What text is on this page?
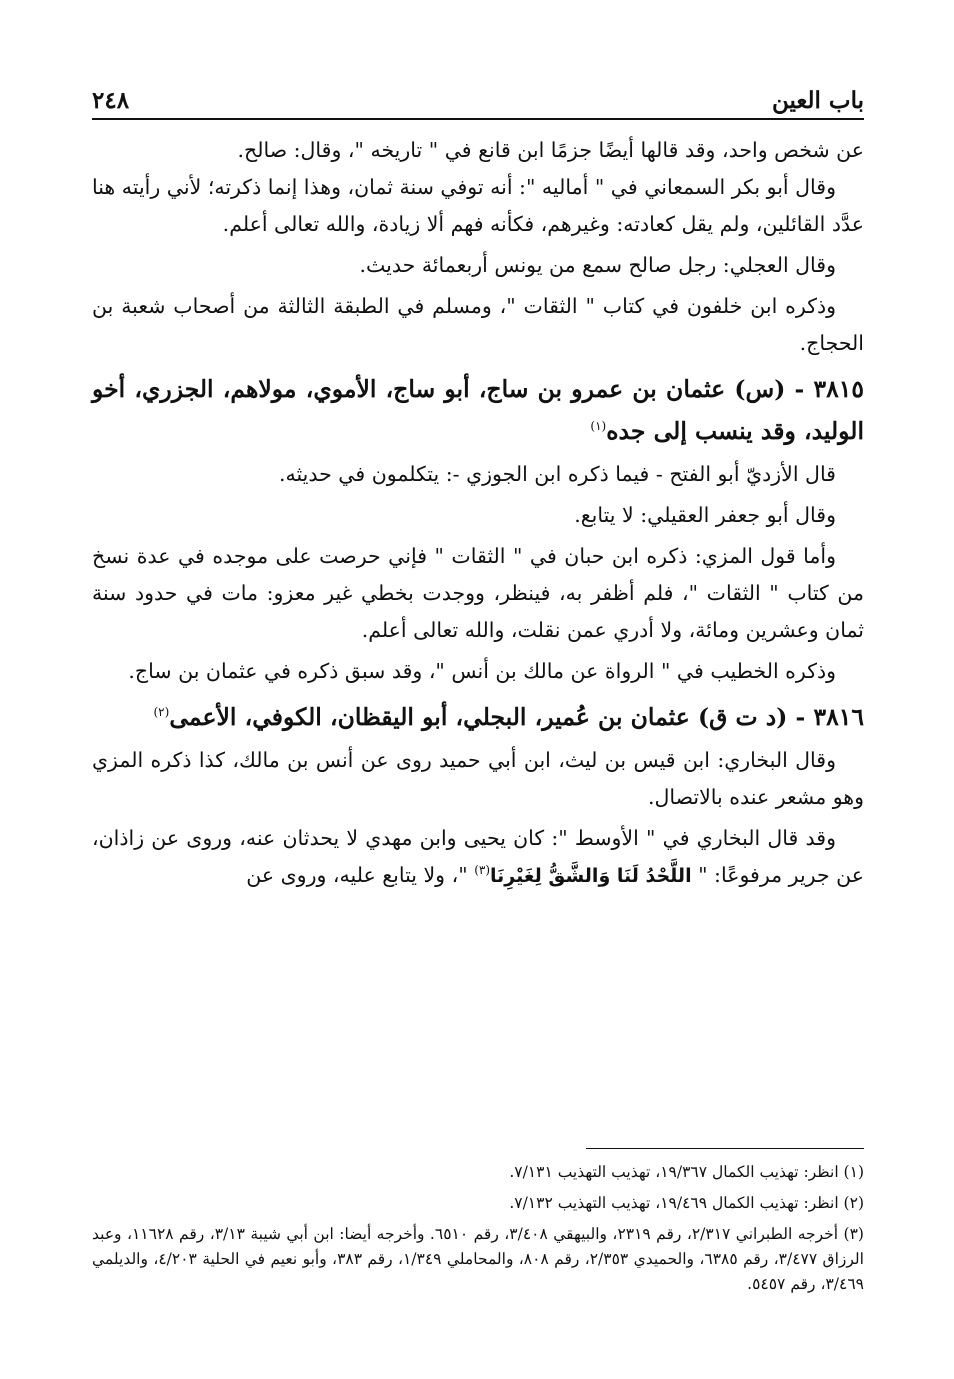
باب العين
٢٤٨

عن شخص واحد، وقد قالها أيضًا جزمًا ابن قانع في " تاريخه "، وقال: صالح.

وقال أبو بكر السمعاني في " أماليه ": أنه توفي سنة ثمان، وهذا إنما ذكرته؛ لأني رأيته هنا عدَّد القائلين، ولم يقل كعادته: وغيرهم، فكأنه فهم ألا زيادة، والله تعالى أعلم.

وقال العجلي: رجل صالح سمع من يونس أربعمائة حديث.

وذكره ابن خلفون في كتاب " الثقات "، ومسلم في الطبقة الثالثة من أصحاب شعبة بن الحجاج.

٣٨١٥ - (س) عثمان بن عمرو بن ساج، أبو ساج، الأموي، مولاهم، الجزري، أخو الوليد، وقد ينسب إلى جده$^{(١)}$

قال الأزديّ أبو الفتح - فيما ذكره ابن الجوزي -: يتكلمون في حديثه.

وقال أبو جعفر العقيلي: لا يتابع.

وأما قول المزي: ذكره ابن حبان في " الثقات " فإني حرصت على موجده في عدة نسخ من كتاب " الثقات "، فلم أظفر به، فينظر، ووجدت بخطي غير معزو: مات في حدود سنة ثمان وعشرين ومائة، ولا أدري عمن نقلت، والله تعالى أعلم.

وذكره الخطيب في " الرواة عن مالك بن أنس "، وقد سبق ذكره في عثمان بن ساج.

٣٨١٦ - (د ت ق) عثمان بن عُمير، البجلي، أبو اليقظان، الكوفي، الأعمى$^{(٢)}$

وقال البخاري: ابن قيس بن ليث، ابن أبي حميد روى عن أنس بن مالك، كذا ذكره المزي وهو مشعر عنده بالاتصال.

وقد قال البخاري في " الأوسط ": كان يحيى وابن مهدي لا يحدثان عنه، وروى عن زاذان، عن جرير مرفوعًا: " اللَّحْدُ لَنَا وَالشَّقُّ لِغَيْرِنَا$^{(٣)}$ "، ولا يتابع عليه، وروى عن

(١) انظر: تهذيب الكمال ١٩/٣٦٧، تهذيب التهذيب ٧/١٣١.

(٢) انظر: تهذيب الكمال ١٩/٤٦٩، تهذيب التهذيب ٧/١٣٢.

(٣) أخرجه الطبراني ٢/٣١٧، رقم ٢٣١٩، والبيهقي ٣/٤٠٨، رقم ٦٥١٠. وأخرجه أيضا: ابن أبي شيبة ٣/١٣، رقم ١١٦٢٨، وعبد الرزاق ٣/٤٧٧، رقم ٦٣٨٥، والحميدي ٢/٣٥٣، رقم ٨٠٨، والمحاملي ١/٣٤٩، رقم ٣٨٣، وأبو نعيم في الحلية ٤/٢٠٣، والديلمي ٣/٤٦٩، رقم ٥٤٥٧.
